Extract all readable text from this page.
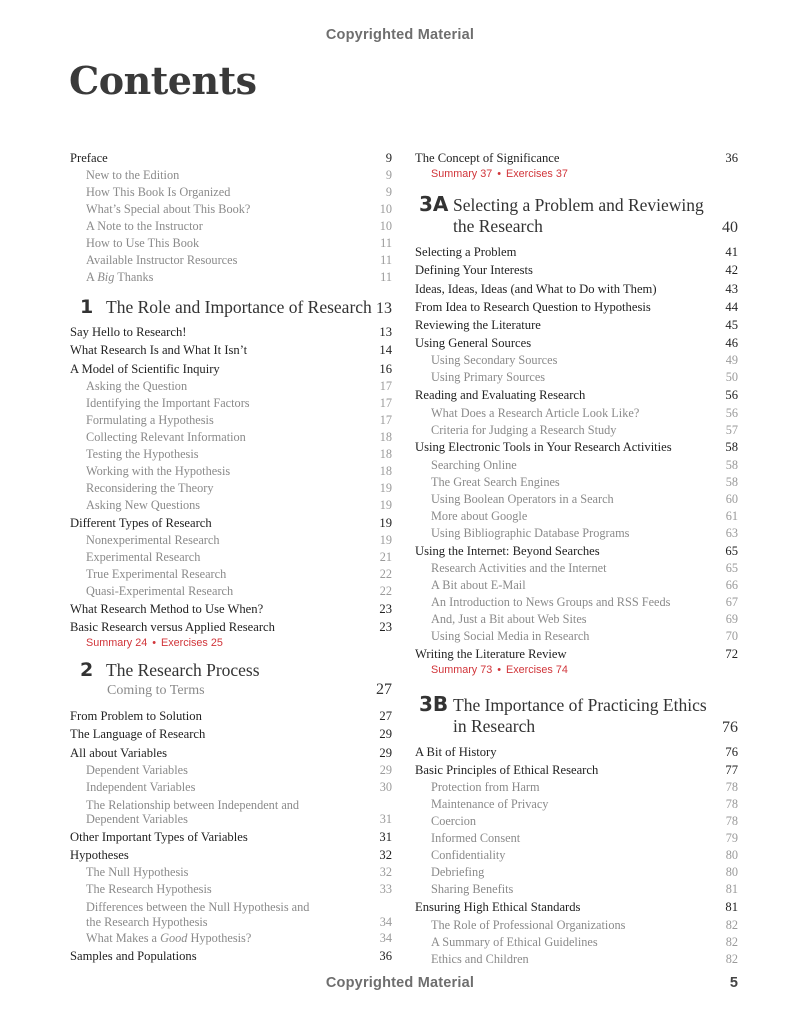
Copyrighted Material
Contents
Preface	9
New to the Edition	9
How This Book Is Organized	9
What’s Special about This Book?	10
A Note to the Instructor	10
How to Use This Book	11
Available Instructor Resources	11
A Big Thanks	11
1 The Role and Importance of Research 13
Say Hello to Research!	13
What Research Is and What It Isn’t	14
A Model of Scientific Inquiry	16
Asking the Question	17
Identifying the Important Factors	17
Formulating a Hypothesis	17
Collecting Relevant Information	18
Testing the Hypothesis	18
Working with the Hypothesis	18
Reconsidering the Theory	19
Asking New Questions	19
Different Types of Research	19
Nonexperimental Research	19
Experimental Research	21
True Experimental Research	22
Quasi-Experimental Research	22
What Research Method to Use When?	23
Basic Research versus Applied Research	23
Summary 24 • Exercises 25
2 The Research Process
Coming to Terms	27
From Problem to Solution	27
The Language of Research	29
All about Variables	29
Dependent Variables	29
Independent Variables	30
The Relationship between Independent and Dependent Variables	31
Other Important Types of Variables	31
Hypotheses	32
The Null Hypothesis	32
The Research Hypothesis	33
Differences between the Null Hypothesis and the Research Hypothesis	34
What Makes a Good Hypothesis?	34
Samples and Populations	36
The Concept of Significance	36
Summary 37 • Exercises 37
3A Selecting a Problem and Reviewing
the Research	40
Selecting a Problem	41
Defining Your Interests	42
Ideas, Ideas, Ideas (and What to Do with Them)	43
From Idea to Research Question to Hypothesis	44
Reviewing the Literature	45
Using General Sources	46
Using Secondary Sources	49
Using Primary Sources	50
Reading and Evaluating Research	56
What Does a Research Article Look Like?	56
Criteria for Judging a Research Study	57
Using Electronic Tools in Your Research Activities	58
Searching Online	58
The Great Search Engines	58
Using Boolean Operators in a Search	60
More about Google	61
Using Bibliographic Database Programs	63
Using the Internet: Beyond Searches	65
Research Activities and the Internet	65
A Bit about E-Mail	66
An Introduction to News Groups and RSS Feeds	67
And, Just a Bit about Web Sites	69
Using Social Media in Research	70
Writing the Literature Review	72
Summary 73 • Exercises 74
3B The Importance of Practicing Ethics
in Research	76
A Bit of History	76
Basic Principles of Ethical Research	77
Protection from Harm	78
Maintenance of Privacy	78
Coercion	78
Informed Consent	79
Confidentiality	80
Debriefing	80
Sharing Benefits	81
Ensuring High Ethical Standards	81
The Role of Professional Organizations	82
A Summary of Ethical Guidelines	82
Ethics and Children	82
Copyrighted Material	5
